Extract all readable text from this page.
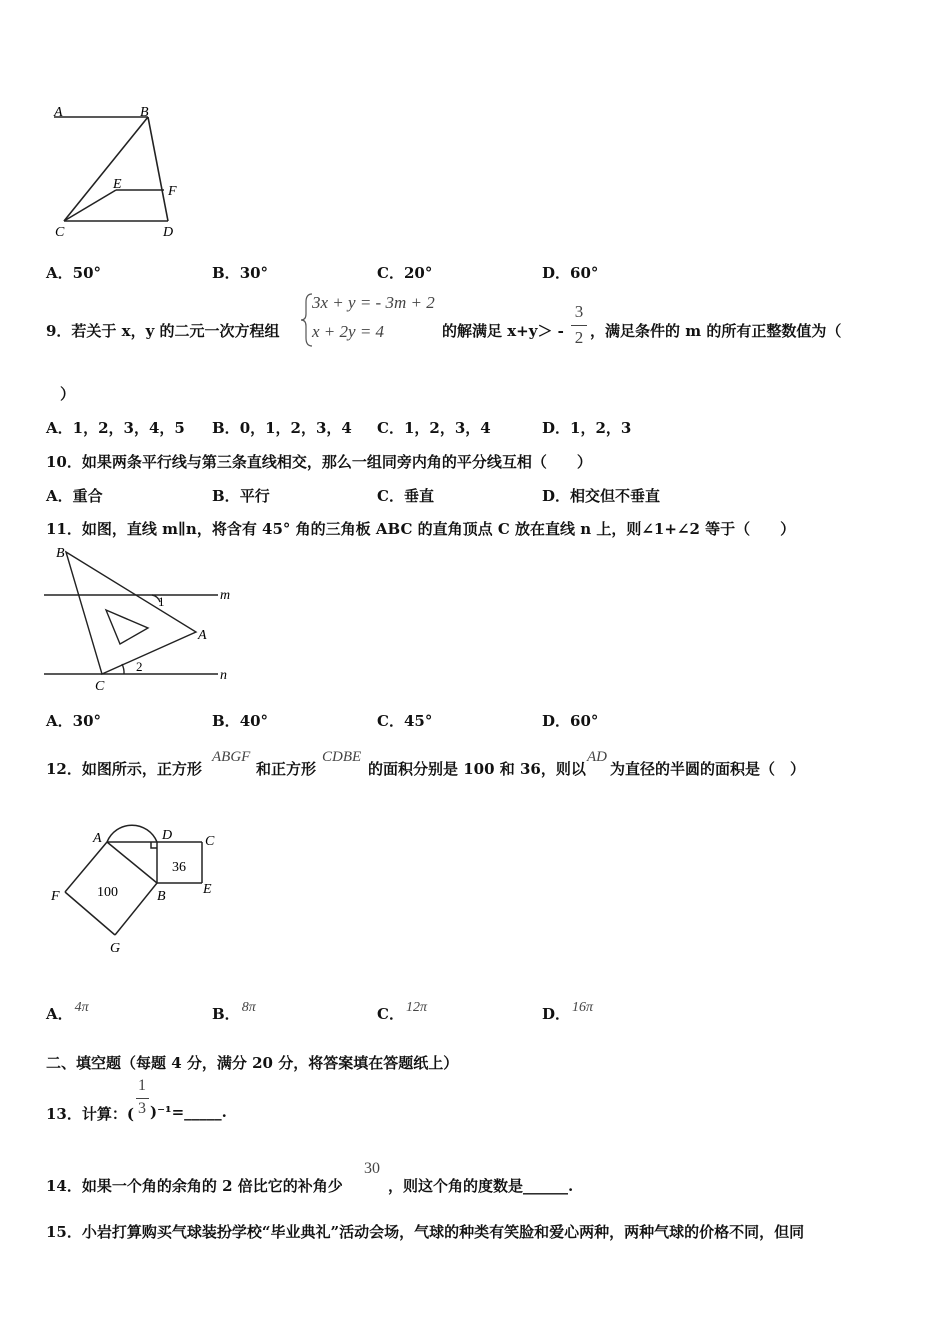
A	B
C	D
E	F
A．50°	B．30°	C．20°	D．60°
9．若关于 x，y 的二元一次方程组
3x + y = - 3m + 2
x + 2y = 4	的解满足 x+y＞ -
3
2 ，满足条件的 m 的所有正整数值为（
）
A．1，2，3，4，5 B．0，1，2，3，4 C．1，2，3，4	D．1，2，3
10．如果两条平行线与第三条直线相交，那么一组同旁内角的平分线互相（　　）
A．重合	B．平行	C．垂直	D．相交但不垂直
11．如图，直线 m∥n，将含有 45° 角的三角板 ABC 的直角顶点 C 放在直线 n 上，则∠1+∠2 等于（　　）
B
A
C
m
n
1
2
A．30°	B．40°	C．45°	D．60°
12．如图所示，正方形
ABGF
和正方形
CDBE
的面积分别是 100 和 36，则以
AD
为直径的半圆的面积是（　）
A	D C
F	B	E
G
100
36
A． 4π	B． 8π	C． 12π	D． 16π
二、填空题（每题 4 分，满分 20 分，将答案填在答题纸上）
13．计算：(
1
3 )⁻¹=_____.
14．如果一个角的余角的 2 倍比它的补角少
30
，则这个角的度数是______.
15．小岩打算购买气球装扮学校“毕业典礼”活动会场，气球的种类有笑脸和爱心两种，两种气球的价格不同，但同
